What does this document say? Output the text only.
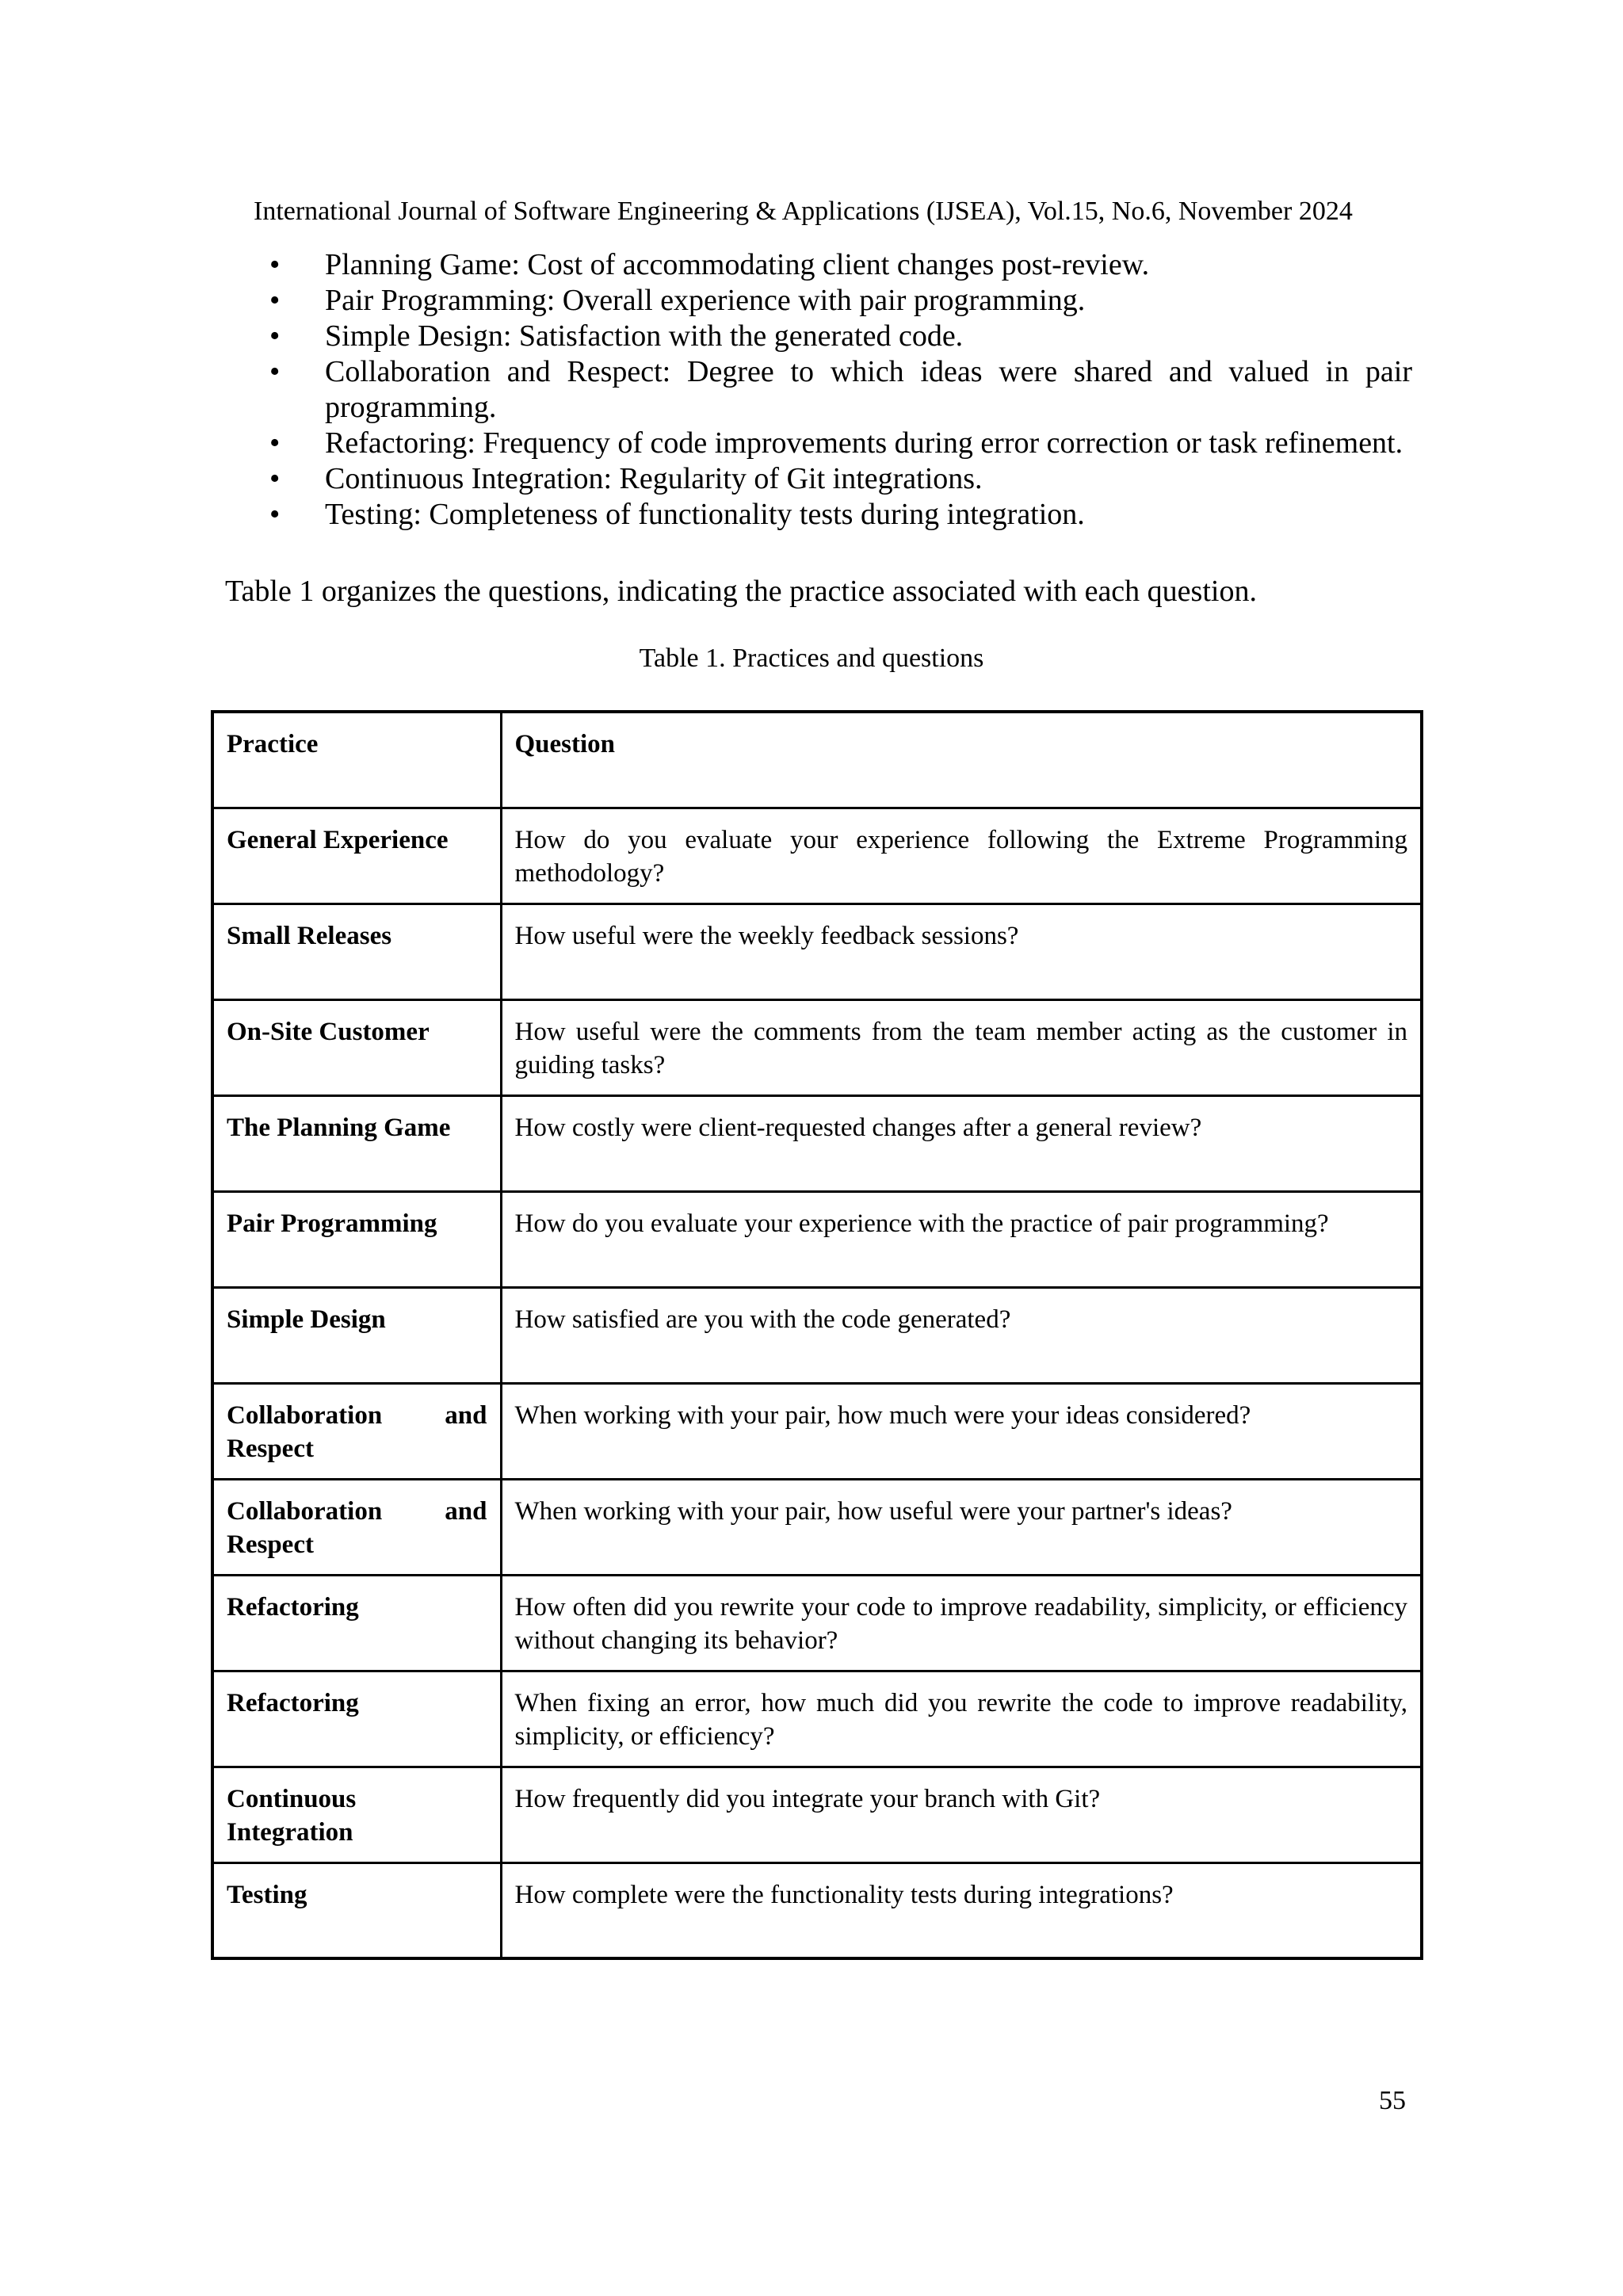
International Journal of Software Engineering & Applications (IJSEA), Vol.15, No.6, November 2024
• Planning Game: Cost of accommodating client changes post-review.
• Pair Programming: Overall experience with pair programming.
• Simple Design: Satisfaction with the generated code.
• Collaboration and Respect: Degree to which ideas were shared and valued in pair programming.
• Refactoring: Frequency of code improvements during error correction or task refinement.
• Continuous Integration: Regularity of Git integrations.
• Testing: Completeness of functionality tests during integration.
Table 1 organizes the questions, indicating the practice associated with each question.
Table 1. Practices and questions
Practice	Question
General Experience	How do you evaluate your experience following the Extreme Programming methodology?
Small Releases	How useful were the weekly feedback sessions?
On-Site Customer	How useful were the comments from the team member acting as the customer in guiding tasks?
The Planning Game	How costly were client-requested changes after a general review?
Pair Programming	How do you evaluate your experience with the practice of pair programming?
Simple Design	How satisfied are you with the code generated?
Collaboration and Respect	When working with your pair, how much were your ideas considered?
Collaboration and Respect	When working with your pair, how useful were your partner's ideas?
Refactoring	How often did you rewrite your code to improve readability, simplicity, or efficiency without changing its behavior?
Refactoring	When fixing an error, how much did you rewrite the code to improve readability, simplicity, or efficiency?
Continuous Integration	How frequently did you integrate your branch with Git?
Testing	How complete were the functionality tests during integrations?
55
